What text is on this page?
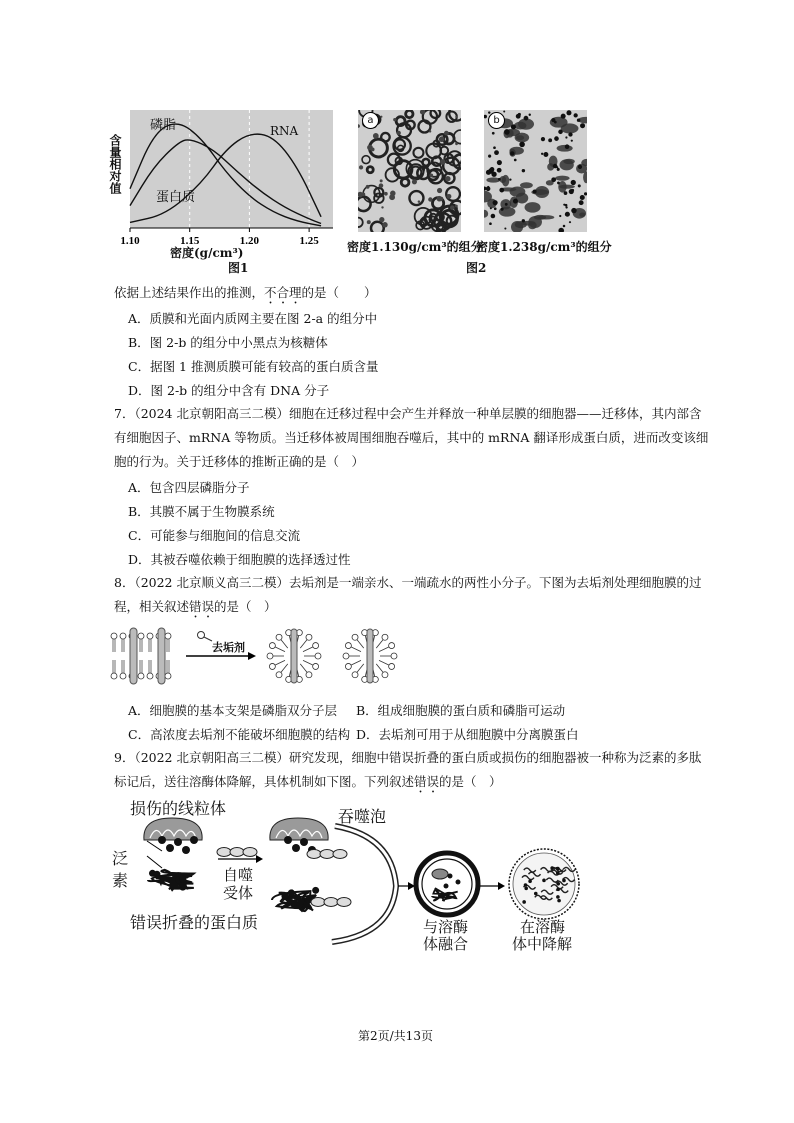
1.10	1.15	1.20	1.25
磷脂	RNA
蛋白质
含量相对值
密度(g/cm³)
图1
a	b
密度1.130g/cm³的组分
密度1.238g/cm³的组分
图2
依据上述结果作出的推测，不合理的是（　　）
A．质膜和光面内质网主要在图 2-a 的组分中
B．图 2-b 的组分中小黑点为核糖体
C．据图 1 推测质膜可能有较高的蛋白质含量
D．图 2-b 的组分中含有 DNA 分子
7．（2024 北京朝阳高三二模）细胞在迁移过程中会产生并释放一种单层膜的细胞器——迁移体，其内部含
有细胞因子、mRNA 等物质。当迁移体被周围细胞吞噬后，其中的 mRNA 翻译形成蛋白质，进而改变该细
胞的行为。关于迁移体的推断正确的是（　）
A．包含四层磷脂分子
B．其膜不属于生物膜系统
C．可能参与细胞间的信息交流
D．其被吞噬依赖于细胞膜的选择透过性
8．（2022 北京顺义高三二模）去垢剂是一端亲水、一端疏水的两性小分子。下图为去垢剂处理细胞膜的过
程，相关叙述错误的是（　）
去垢剂
A．细胞膜的基本支架是磷脂双分子层 B．组成细胞膜的蛋白质和磷脂可运动
C．高浓度去垢剂不能破坏细胞膜的结构 D．去垢剂可用于从细胞膜中分离膜蛋白
9．（2022 北京朝阳高三二模）研究发现，细胞中错误折叠的蛋白质或损伤的细胞器被一种称为泛素的多肽
标记后，送往溶酶体降解，具体机制如下图。下列叙述错误的是（　）
损伤的线粒体
泛
素	自噬
受体
吞噬泡
错误折叠的蛋白质	与溶酶
体融合
在溶酶
体中降解
第2页/共13页
